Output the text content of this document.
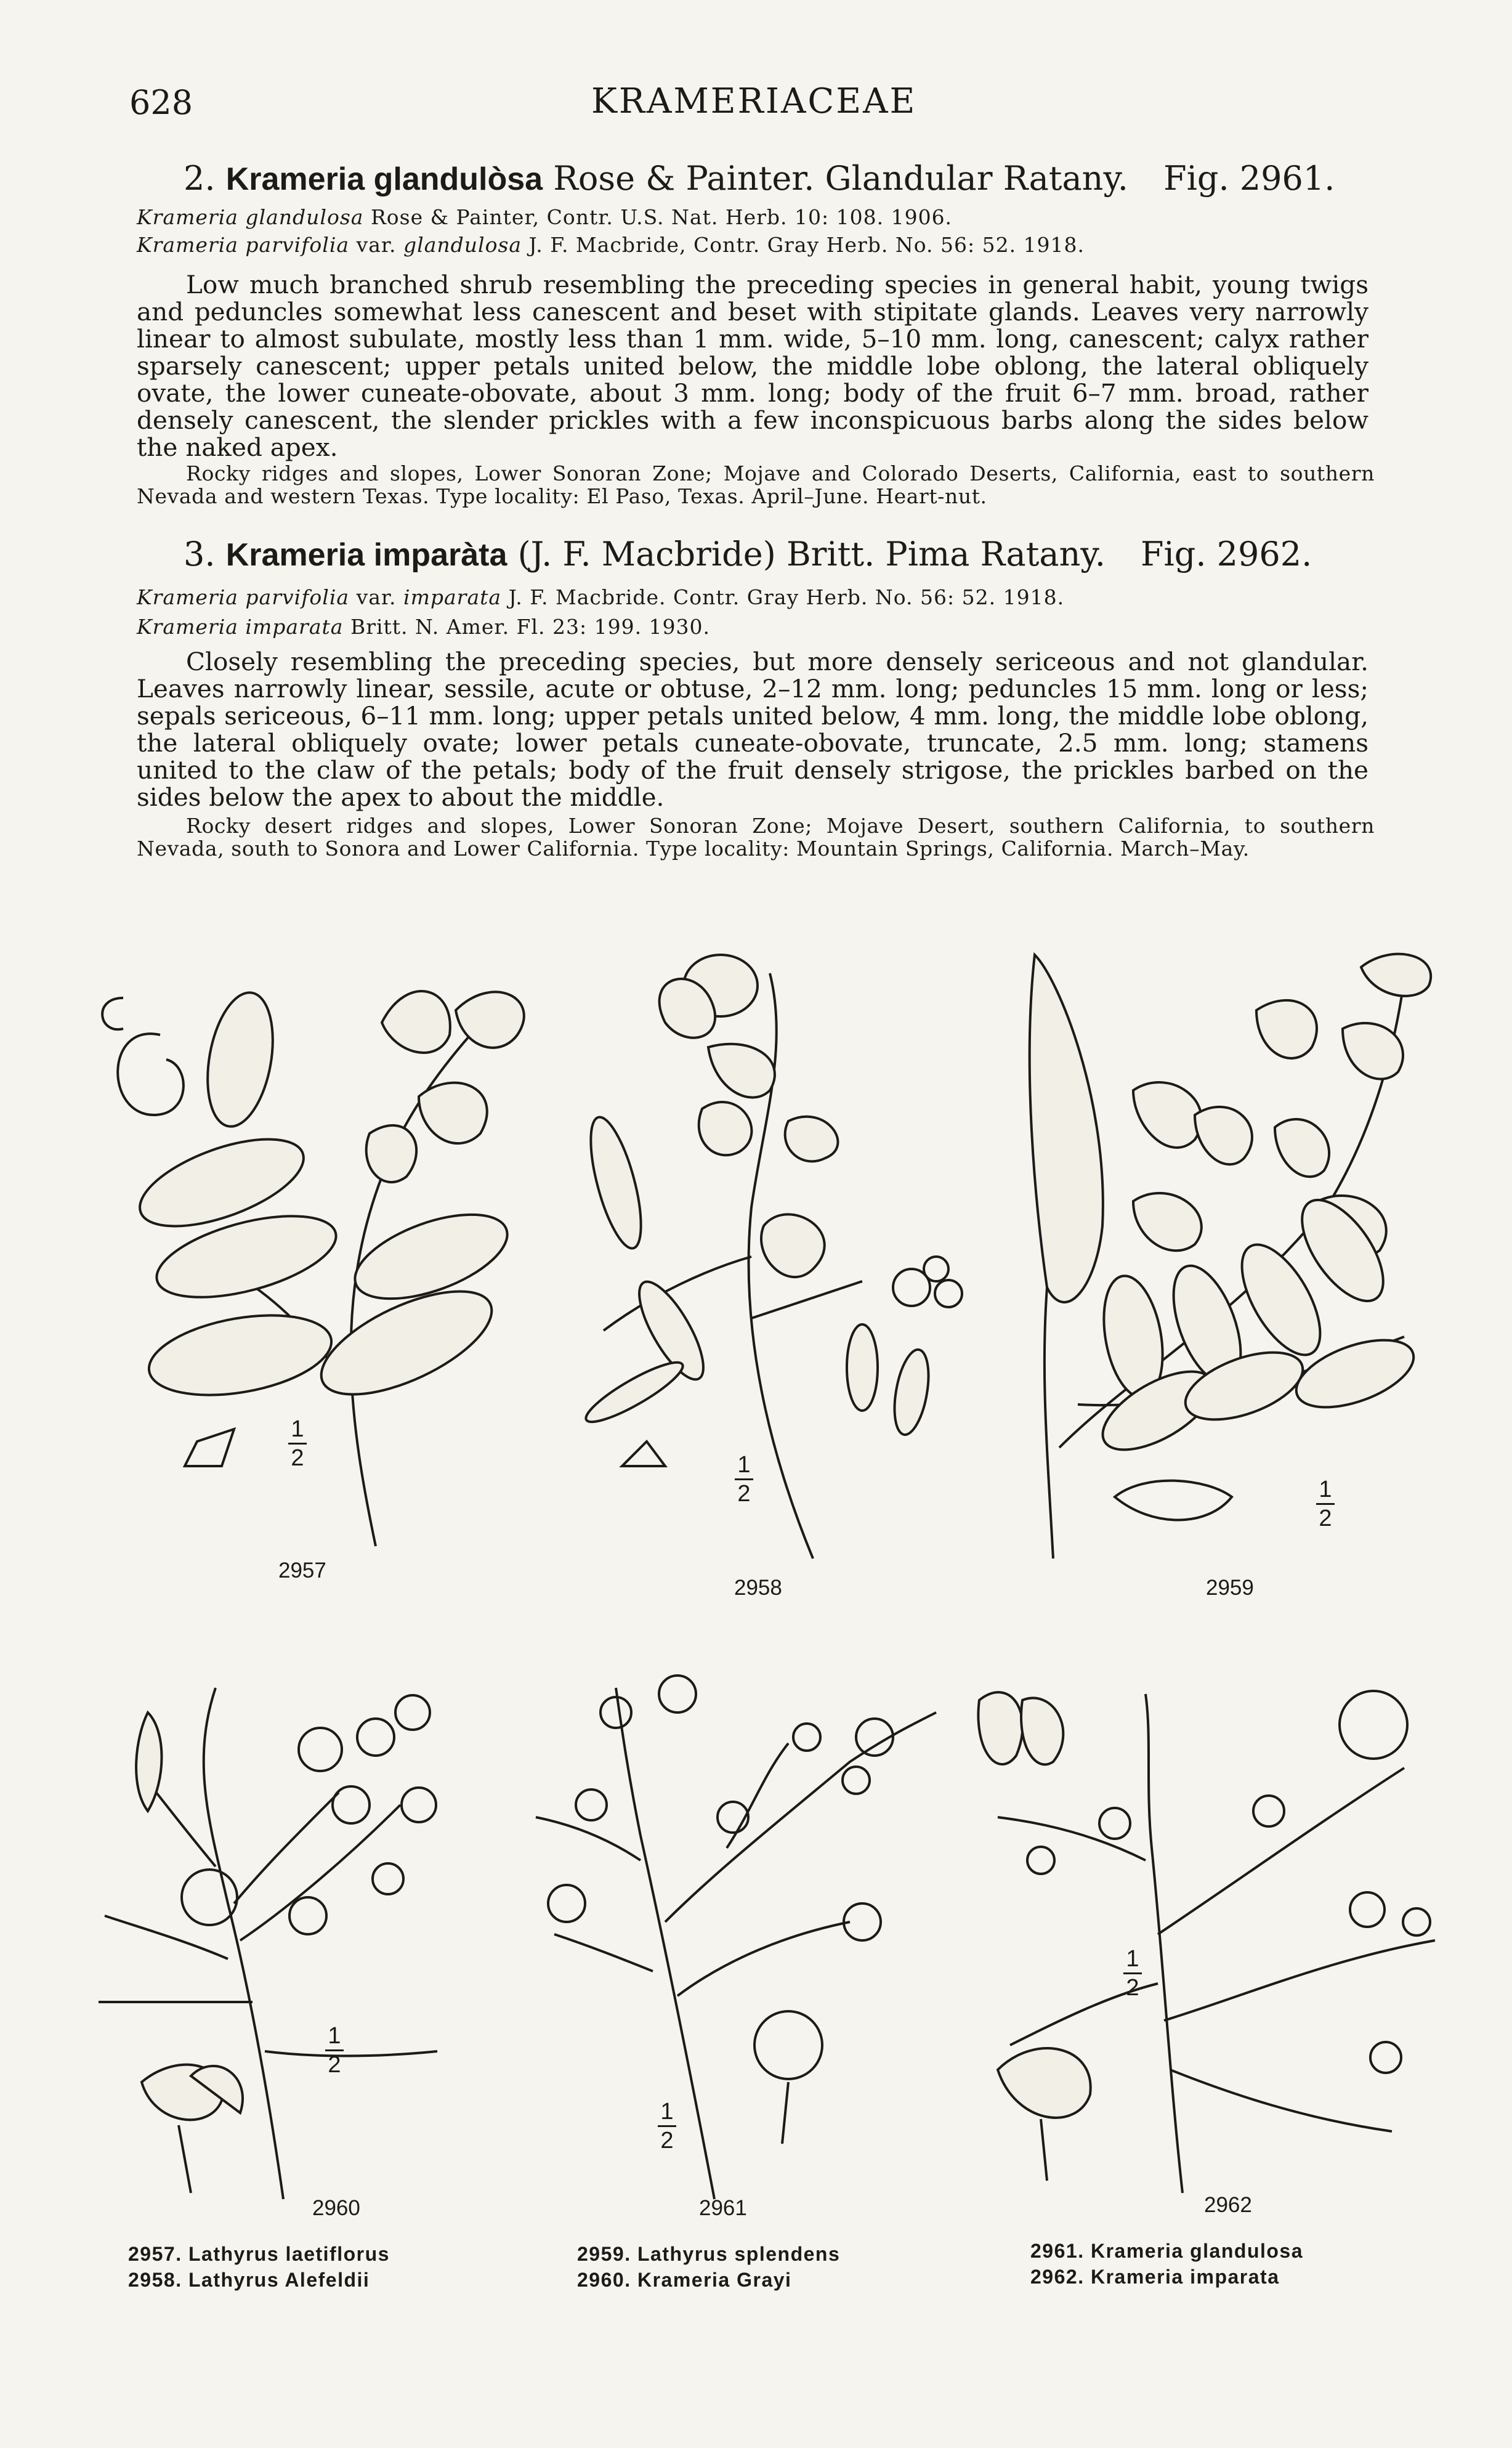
628	KRAMERIACEAE
2. Krameria glandulòsa Rose & Painter. Glandular Ratany. Fig. 2961.
Krameria glandulosa Rose & Painter, Contr. U.S. Nat. Herb. 10: 108. 1906.
Krameria parvifolia var. glandulosa J. F. Macbride, Contr. Gray Herb. No. 56: 52. 1918.
Low much branched shrub resembling the preceding species in general habit, young twigs and peduncles somewhat less canescent and beset with stipitate glands. Leaves very narrowly linear to almost subulate, mostly less than 1 mm. wide, 5–10 mm. long, canescent; calyx rather sparsely canescent; upper petals united below, the middle lobe oblong, the lateral obliquely ovate, the lower cuneate-obovate, about 3 mm. long; body of the fruit 6–7 mm. broad, rather densely canescent, the slender prickles with a few inconspicuous barbs along the sides below the naked apex.
Rocky ridges and slopes, Lower Sonoran Zone; Mojave and Colorado Deserts, California, east to southern Nevada and western Texas. Type locality: El Paso, Texas. April–June. Heart-nut.
3. Krameria imparàta (J. F. Macbride) Britt. Pima Ratany. Fig. 2962.
Krameria parvifolia var. imparata J. F. Macbride. Contr. Gray Herb. No. 56: 52. 1918.
Krameria imparata Britt. N. Amer. Fl. 23: 199. 1930.
Closely resembling the preceding species, but more densely sericeous and not glandular. Leaves narrowly linear, sessile, acute or obtuse, 2–12 mm. long; peduncles 15 mm. long or less; sepals sericeous, 6–11 mm. long; upper petals united below, 4 mm. long, the middle lobe oblong, the lateral obliquely ovate; lower petals cuneate-obovate, truncate, 2.5 mm. long; stamens united to the claw of the petals; body of the fruit densely strigose, the prickles barbed on the sides below the apex to about the middle.
Rocky desert ridges and slopes, Lower Sonoran Zone; Mojave Desert, southern California, to southern Nevada, south to Sonora and Lower California. Type locality: Mountain Springs, California. March–May.
1
2
2957
1
2
2958
1
2
2959
1
2
2960
1
2
2961
1
2
2962
2957. Lathyrus laetiflorus
2958. Lathyrus Alefeldii
2959. Lathyrus splendens
2960. Krameria Grayi
2961. Krameria glandulosa
2962. Krameria imparata
